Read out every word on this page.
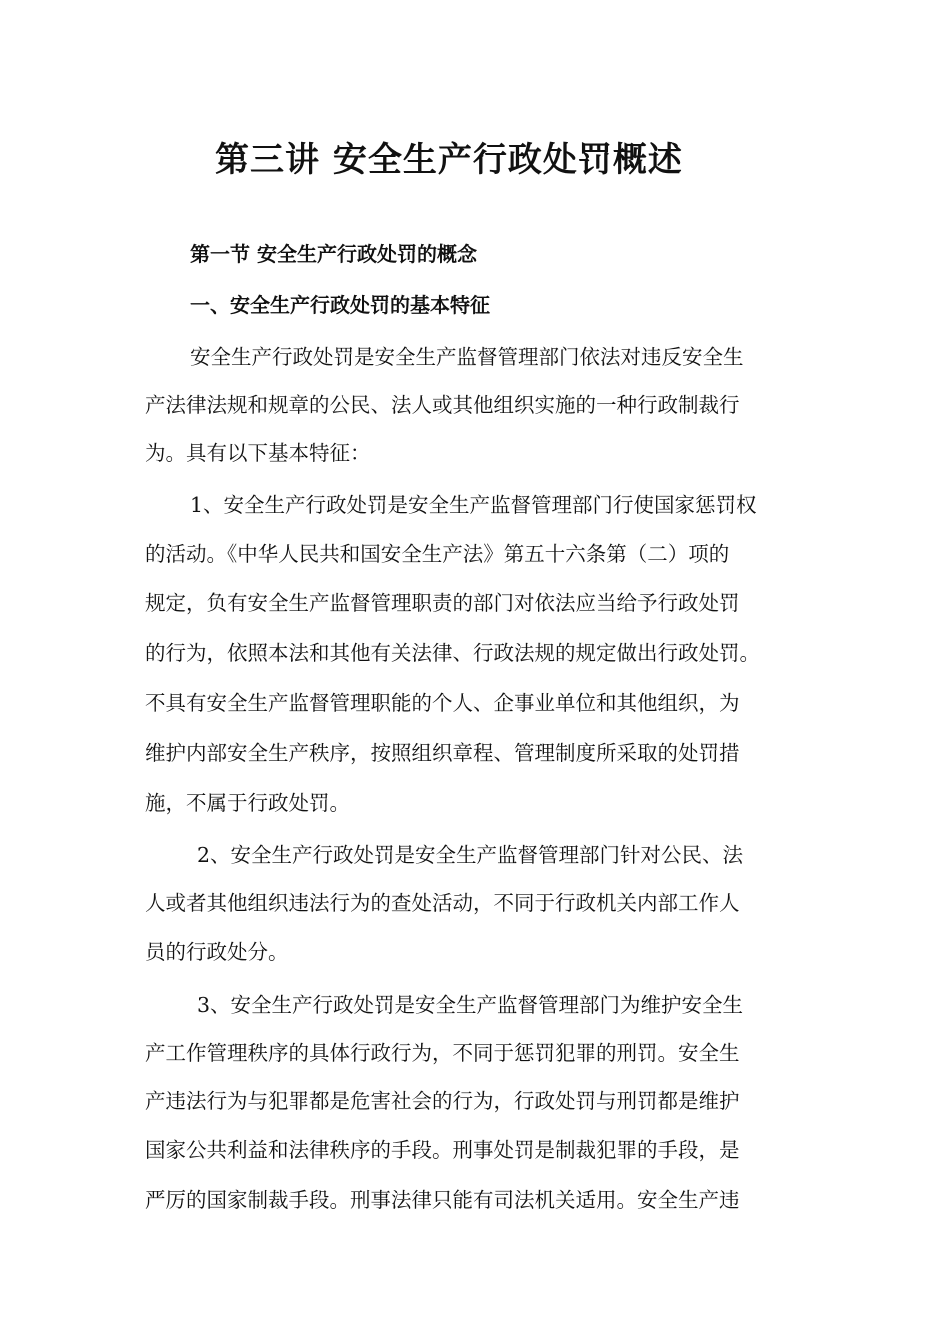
第三讲 安全生产行政处罚概述
第一节 安全生产行政处罚的概念
一、安全生产行政处罚的基本特征
安全生产行政处罚是安全生产监督管理部门依法对违反安全生
产法律法规和规章的公民、法人或其他组织实施的一种行政制裁行
为。具有以下基本特征：
1、安全生产行政处罚是安全生产监督管理部门行使国家惩罚权
的活动。《中华人民共和国安全生产法》第五十六条第（二）项的
规定，负有安全生产监督管理职责的部门对依法应当给予行政处罚
的行为，依照本法和其他有关法律、行政法规的规定做出行政处罚。
不具有安全生产监督管理职能的个人、企事业单位和其他组织，为
维护内部安全生产秩序，按照组织章程、管理制度所采取的处罚措
施，不属于行政处罚。
2、安全生产行政处罚是安全生产监督管理部门针对公民、法
人或者其他组织违法行为的查处活动，不同于行政机关内部工作人
员的行政处分。
3、安全生产行政处罚是安全生产监督管理部门为维护安全生
产工作管理秩序的具体行政行为，不同于惩罚犯罪的刑罚。安全生
产违法行为与犯罪都是危害社会的行为，行政处罚与刑罚都是维护
国家公共利益和法律秩序的手段。刑事处罚是制裁犯罪的手段，是
严厉的国家制裁手段。刑事法律只能有司法机关适用。安全生产违
